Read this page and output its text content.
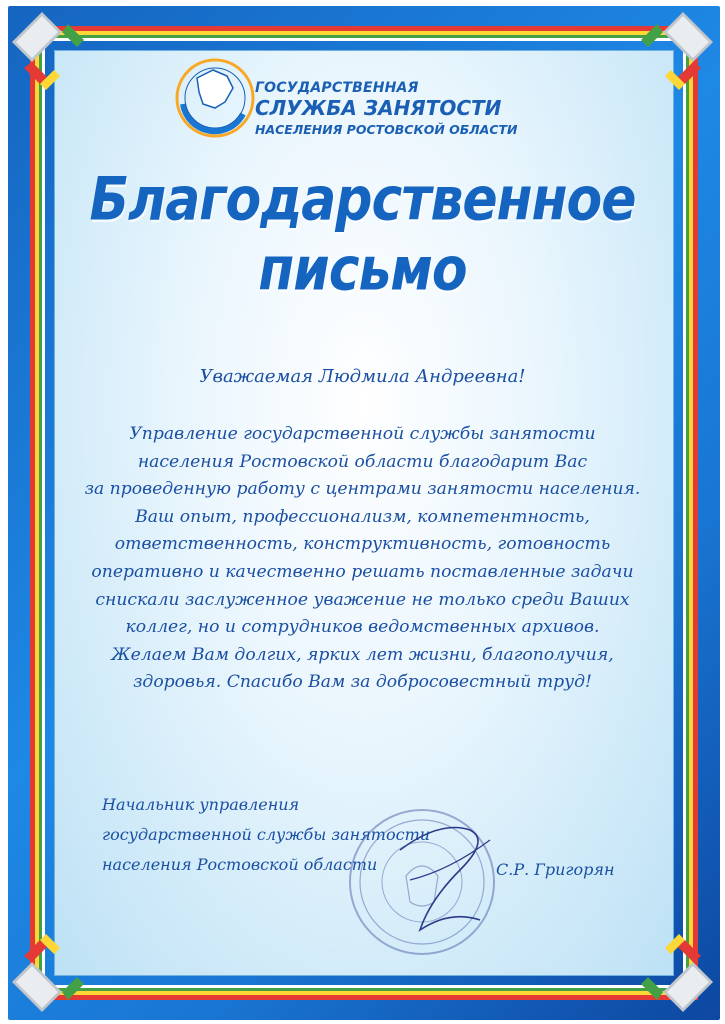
ГОСУДАРСТВЕННАЯ
СЛУЖБА ЗАНЯТОСТИ
НАСЕЛЕНИЯ РОСТОВСКОЙ ОБЛАСТИ
Благодарственное
письмо
Уважаемая Людмила Андреевна!
Управление государственной службы занятости
населения Ростовской области благодарит Вас
за проведенную работу с центрами занятости населения.
Ваш опыт, профессионализм, компетентность,
ответственность, конструктивность, готовность
оперативно и качественно решать поставленные задачи
снискали заслуженное уважение не только среди Ваших
коллег, но и сотрудников ведомственных архивов.
Желаем Вам долгих, ярких лет жизни, благополучия,
здоровья. Спасибо Вам за добросовестный труд!
Начальник управления
государственной службы занятости
населения Ростовской области	С.Р. Григорян
